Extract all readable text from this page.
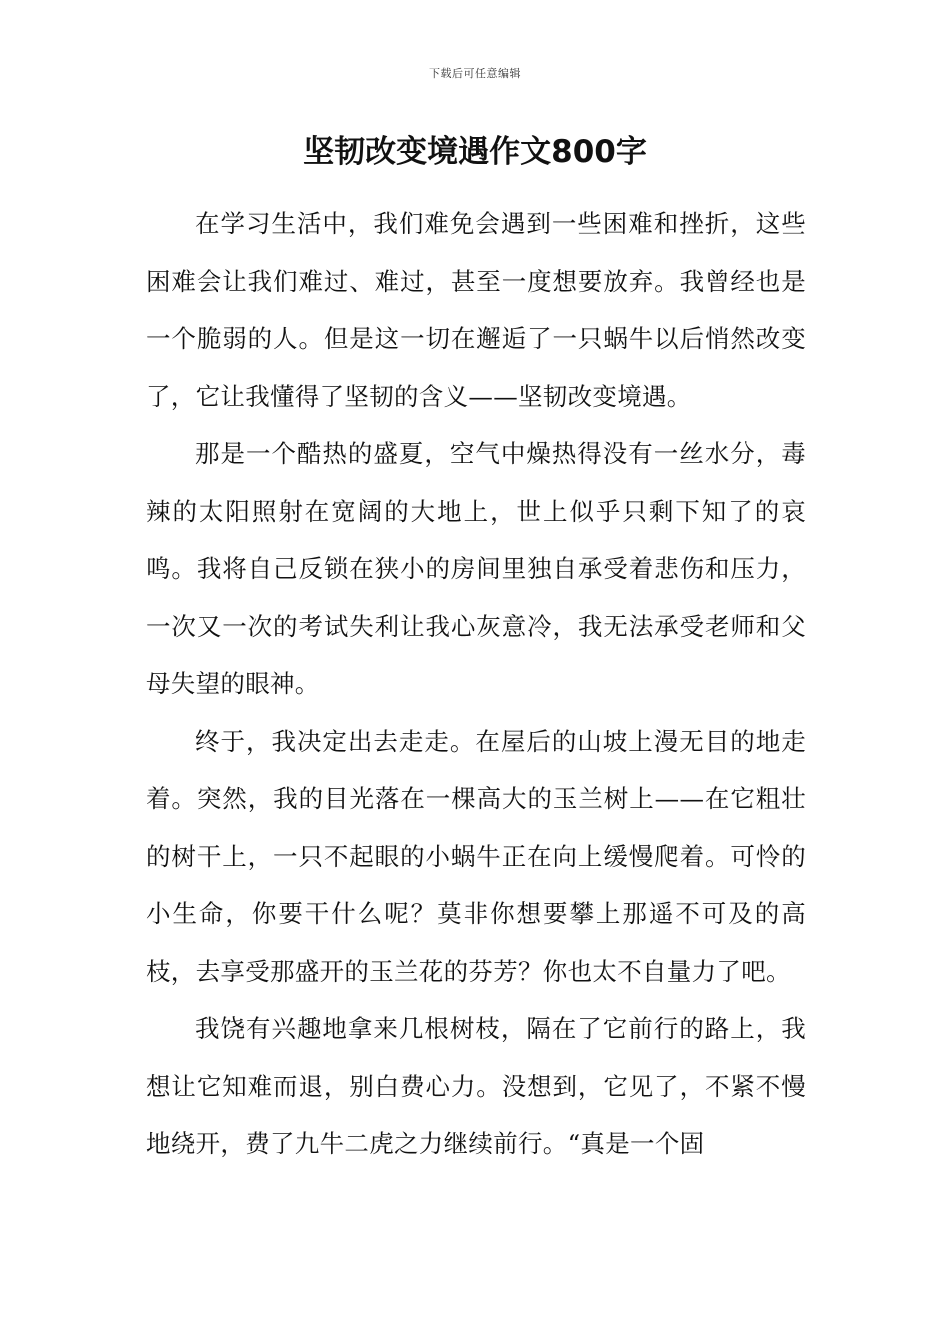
下载后可任意编辑
坚韧改变境遇作文800字

在学习生活中，我们难免会遇到一些困难和挫折，这些困难会让我们难过、难过，甚至一度想要放弃。我曾经也是一个脆弱的人。但是这一切在邂逅了一只蜗牛以后悄然改变了，它让我懂得了坚韧的含义——坚韧改变境遇。

那是一个酷热的盛夏，空气中燥热得没有一丝水分，毒辣的太阳照射在宽阔的大地上，世上似乎只剩下知了的哀鸣。我将自己反锁在狭小的房间里独自承受着悲伤和压力，一次又一次的考试失利让我心灰意冷，我无法承受老师和父母失望的眼神。

终于，我决定出去走走。在屋后的山坡上漫无目的地走着。突然，我的目光落在一棵高大的玉兰树上——在它粗壮的树干上，一只不起眼的小蜗牛正在向上缓慢爬着。可怜的小生命，你要干什么呢？莫非你想要攀上那遥不可及的高枝，去享受那盛开的玉兰花的芬芳？你也太不自量力了吧。

我饶有兴趣地拿来几根树枝，隔在了它前行的路上，我想让它知难而退，别白费心力。没想到，它见了，不紧不慢地绕开，费了九牛二虎之力继续前行。“真是一个固
